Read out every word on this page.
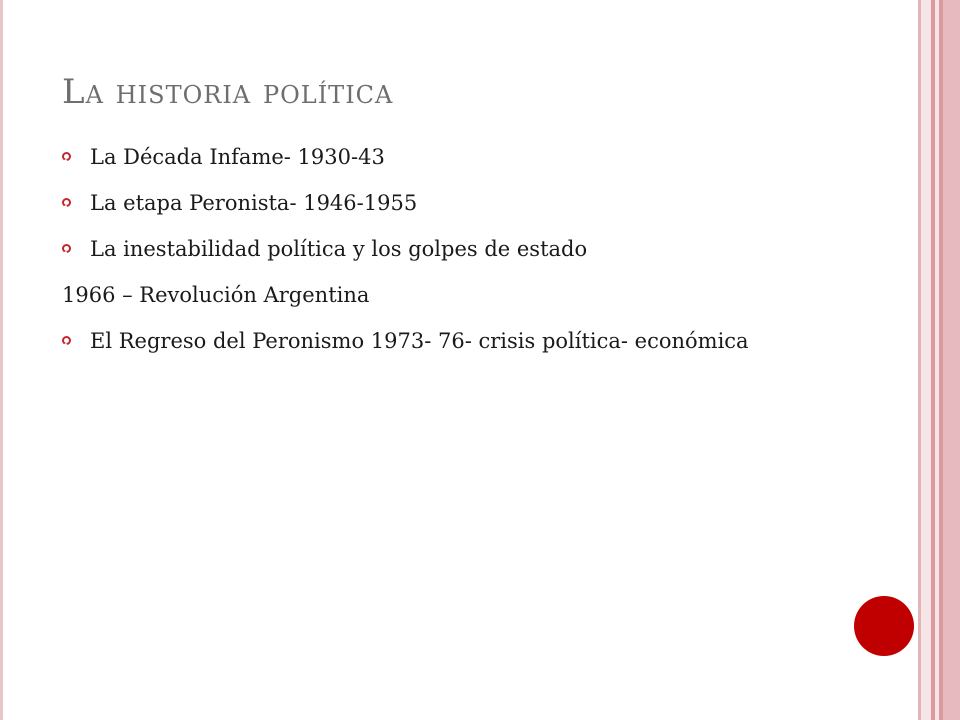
La historia política
La Década Infame- 1930-43
La etapa Peronista- 1946-1955
La inestabilidad política y los golpes de estado
1966 – Revolución Argentina
El Regreso del Peronismo 1973- 76- crisis política- económica
